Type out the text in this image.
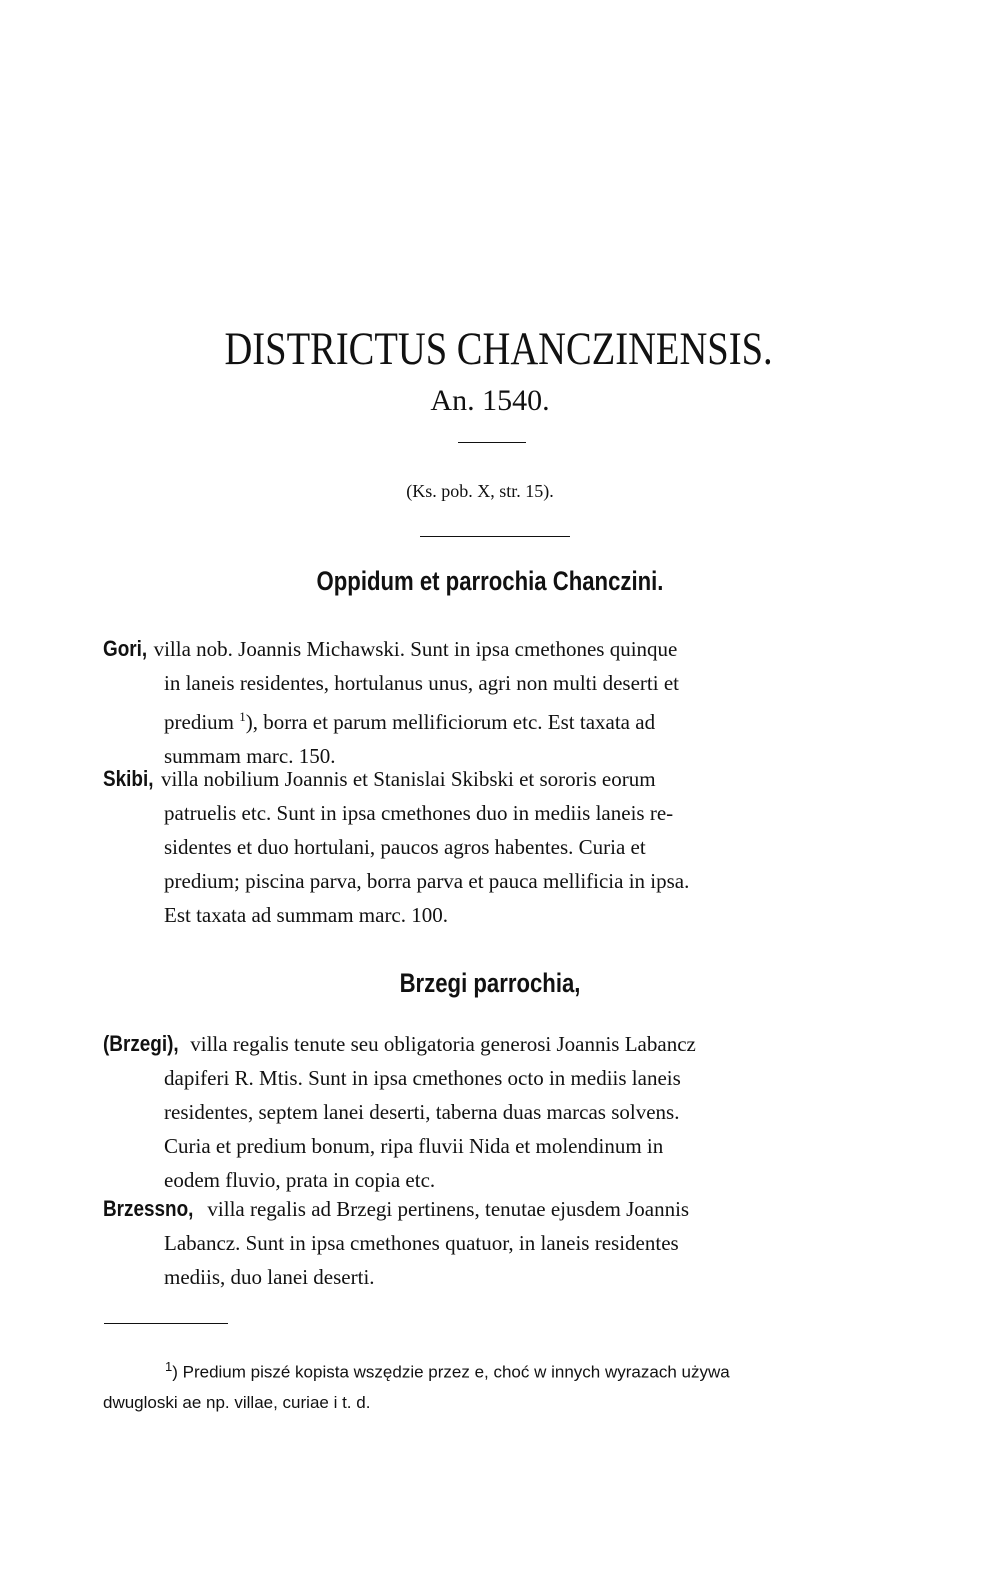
DISTRICTUS CHANCZINENSIS.
An. 1540.
(Ks. pob. X, str. 15).
Oppidum et parrochia Chanczini.
Gori, villa nob. Joannis Michawski. Sunt in ipsa cmethones quinque
in laneis residentes, hortulanus unus, agri non multi deserti et
predium $^1$), borra et parum mellificiorum etc. Est taxata ad
summam marc. 150.
Skibi, villa nobilium Joannis et Stanislai Skibski et sororis eorum
patruelis etc. Sunt in ipsa cmethones duo in mediis laneis re-
sidentes et duo hortulani, paucos agros habentes. Curia et
predium; piscina parva, borra parva et pauca mellificia in ipsa.
Est taxata ad summam marc. 100.
Brzegi parrochia,
(Brzegi), villa regalis tenute seu obligatoria generosi Joannis Labancz
dapiferi R. Mtis. Sunt in ipsa cmethones octo in mediis laneis
residentes, septem lanei deserti, taberna duas marcas solvens.
Curia et predium bonum, ripa fluvii Nida et molendinum in
eodem fluvio, prata in copia etc.
Brzessno, villa regalis ad Brzegi pertinens, tenutae ejusdem Joannis
Labancz. Sunt in ipsa cmethones quatuor, in laneis residentes
mediis, duo lanei deserti.
$^1$) Predium piszé kopista wszędzie przez e, choć w innych wyrazach używa
dwugloski ae np. villae, curiae i t. d.
